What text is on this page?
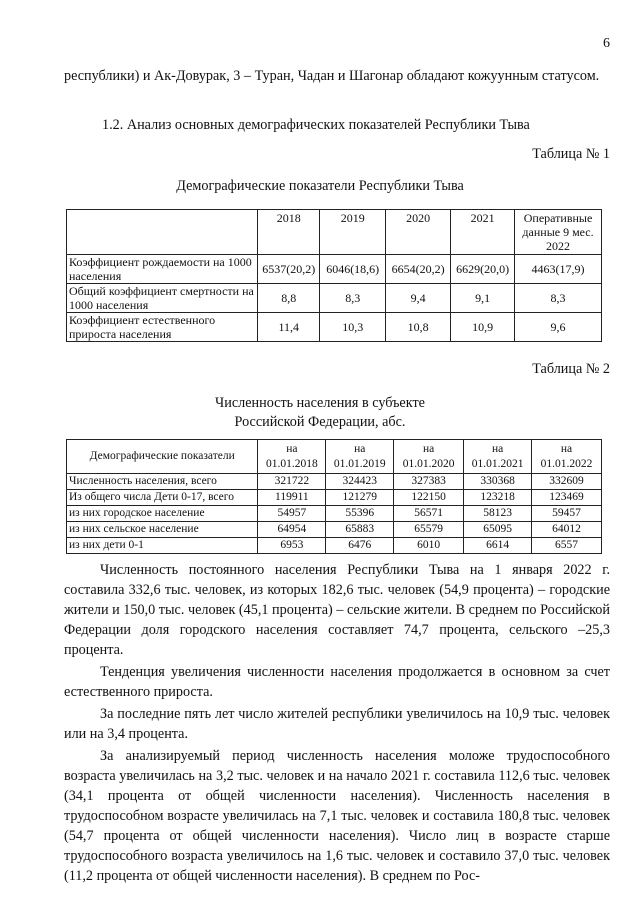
6
республики) и Ак-Довурак, 3 – Туран, Чадан и Шагонар обладают кожуунным статусом.
1.2. Анализ основных демографических показателей Республики Тыва
Таблица № 1
Демографические показатели Республики Тыва
	2018	2019	2020	2021	Оперативные данные 9 мес. 2022
Коэффициент рождаемости на 1000 населения	6537(20,2)	6046(18,6)	6654(20,2)	6629(20,0)	4463(17,9)
Общий коэффициент смертности на 1000 населения	8,8	8,3	9,4	9,1	8,3
Коэффициент естественного прироста населения	11,4	10,3	10,8	10,9	9,6
Таблица № 2
Численность населения в субъекте
Российской Федерации, абс.
Демографические показатели	на 01.01.2018	на 01.01.2019	на 01.01.2020	на 01.01.2021	на 01.01.2022
Численность населения, всего	321722	324423	327383	330368	332609
Из общего числа Дети 0-17, всего	119911	121279	122150	123218	123469
из них городское население	54957	55396	56571	58123	59457
из них сельское население	64954	65883	65579	65095	64012
из них дети 0-1	6953	6476	6010	6614	6557

Численность постоянного населения Республики Тыва на 1 января 2022 г. составила 332,6 тыс. человек, из которых 182,6 тыс. человек (54,9 процента) – городские жители и 150,0 тыс. человек (45,1 процента) – сельские жители. В среднем по Российской Федерации доля городского населения составляет 74,7 процента, сельского –25,3 процента.

Тенденция увеличения численности населения продолжается в основном за счет естественного прироста.

За последние пять лет число жителей республики увеличилось на 10,9 тыс. человек или на 3,4 процента.

За анализируемый период численность населения моложе трудоспособного возраста увеличилась на 3,2 тыс. человек и на начало 2021 г. составила 112,6 тыс. человек (34,1 процента от общей численности населения). Численность населения в трудоспособном возрасте увеличилась на 7,1 тыс. человек и составила 180,8 тыс. человек (54,7 процента от общей численности населения). Число лиц в возрасте старше трудоспособного возраста увеличилось на 1,6 тыс. человек и составило 37,0 тыс. человек (11,2 процента от общей численности населения). В среднем по Рос-
